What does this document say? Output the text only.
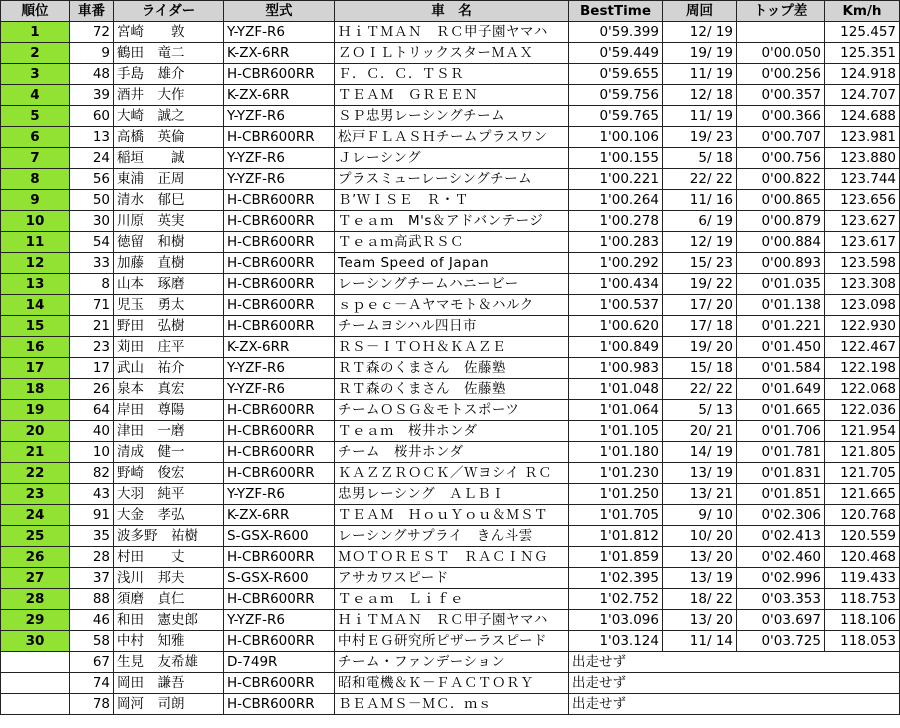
順位	車番	ライダー	型式	車　名	BestTime	周回	トップ差	Km/h
1	72	宮崎　　敦	Y-YZF-R6	ＨｉＴＭＡＮ　ＲＣ甲子園ヤマハ	0'59.399	12/ 19		125.457
2	9	鶴田　竜二	K-ZX-6RR	ＺＯＩＬトリックスターＭＡＸ	0'59.449	19/ 19	0'00.050	125.351
3	48	手島　雄介	H-CBR600RR	Ｆ．Ｃ．Ｃ．ＴＳＲ	0'59.655	11/ 19	0'00.256	124.918
4	39	酒井　大作	K-ZX-6RR	ＴＥＡＭ　ＧＲＥＥＮ	0'59.756	12/ 18	0'00.357	124.707
5	60	大崎　誠之	Y-YZF-R6	ＳＰ忠男レーシングチーム	0'59.765	11/ 19	0'00.366	124.688
6	13	高橋　英倫	H-CBR600RR	松戸ＦＬＡＳＨチームプラスワン	1'00.106	19/ 23	0'00.707	123.981
7	24	稲垣　　誠	Y-YZF-R6	Ｊレーシング	1'00.155	5/ 18	0'00.756	123.880
8	56	東浦　正周	Y-YZF-R6	プラスミューレーシングチーム	1'00.221	22/ 22	0'00.822	123.744
9	50	清水　郁巳	H-CBR600RR	Ｂ’ＷＩＳＥ　Ｒ・Ｔ	1'00.264	11/ 16	0'00.865	123.656
10	30	川原　英実	H-CBR600RR	Ｔｅａｍ　M's＆アドバンテージ	1'00.278	6/ 19	0'00.879	123.627
11	54	徳留　和樹	H-CBR600RR	Ｔｅａｍ高武ＲＳＣ	1'00.283	12/ 19	0'00.884	123.617
12	33	加藤　直樹	H-CBR600RR	Team Speed of Japan	1'00.292	15/ 23	0'00.893	123.598
13	8	山本　琢磨	H-CBR600RR	レーシングチームハニービー	1'00.434	19/ 22	0'01.035	123.308
14	71	児玉　勇太	H-CBR600RR	ｓｐｅｃ－Ａヤマモト＆ハルク	1'00.537	17/ 20	0'01.138	123.098
15	21	野田　弘樹	H-CBR600RR	チームヨシハル四日市	1'00.620	17/ 18	0'01.221	122.930
16	23	苅田　庄平	K-ZX-6RR	ＲＳ－ＩＴＯＨ＆ＫＡＺＥ	1'00.849	19/ 20	0'01.450	122.467
17	17	武山　祐介	Y-YZF-R6	ＲＴ森のくまさん　佐藤塾	1'00.983	15/ 18	0'01.584	122.198
18	26	泉本　真宏	Y-YZF-R6	ＲＴ森のくまさん　佐藤塾	1'01.048	22/ 22	0'01.649	122.068
19	64	岸田　尊陽	H-CBR600RR	チームＯＳＧ＆モトスポーツ	1'01.064	5/ 13	0'01.665	122.036
20	40	津田　一磨	H-CBR600RR	Ｔｅａｍ　桜井ホンダ	1'01.105	20/ 21	0'01.706	121.954
21	10	清成　健一	H-CBR600RR	チーム　桜井ホンダ	1'01.180	14/ 19	0'01.781	121.805
22	82	野崎　俊宏	H-CBR600RR	ＫＡＺＺＲＯＣＫ／Ｗヨシイ ＲＣ	1'01.230	13/ 19	0'01.831	121.705
23	43	大羽　純平	Y-YZF-R6	忠男レーシング　ＡＬＢＩ	1'01.250	13/ 21	0'01.851	121.665
24	91	大金　孝弘	K-ZX-6RR	ＴＥＡＭ　ＨｏｕＹｏｕ＆ＭＳＴ	1'01.705	9/ 10	0'02.306	120.768
25	35	波多野　祐樹	S-GSX-R600	レーシングサプライ　きん斗雲	1'01.812	10/ 20	0'02.413	120.559
26	28	村田　　丈	H-CBR600RR	ＭＯＴＯＲＥＳＴ　ＲＡＣＩＮＧ	1'01.859	13/ 20	0'02.460	120.468
27	37	浅川　邦夫	S-GSX-R600	アサカワスピード	1'02.395	13/ 19	0'02.996	119.433
28	88	須磨　貞仁	H-CBR600RR	Ｔｅａｍ　Ｌｉｆｅ	1'02.752	18/ 22	0'03.353	118.753
29	46	和田　憲史郎	Y-YZF-R6	ＨｉＴＭＡＮ　ＲＣ甲子園ヤマハ	1'03.096	13/ 20	0'03.697	118.106
30	58	中村　知雅	H-CBR600RR	中村ＥＧ研究所ピザーラスピード	1'03.124	11/ 14	0'03.725	118.053
	67	生見　友希雄	D-749R	チーム・ファンデーション	出走せず			
	74	岡田　謙吾	H-CBR600RR	昭和電機＆Ｋ－ＦＡＣＴＯＲＹ	出走せず			
	78	岡河　司朗	H-CBR600RR	ＢＥＡＭＳ－ＭＣ．ｍｓ	出走せず			
